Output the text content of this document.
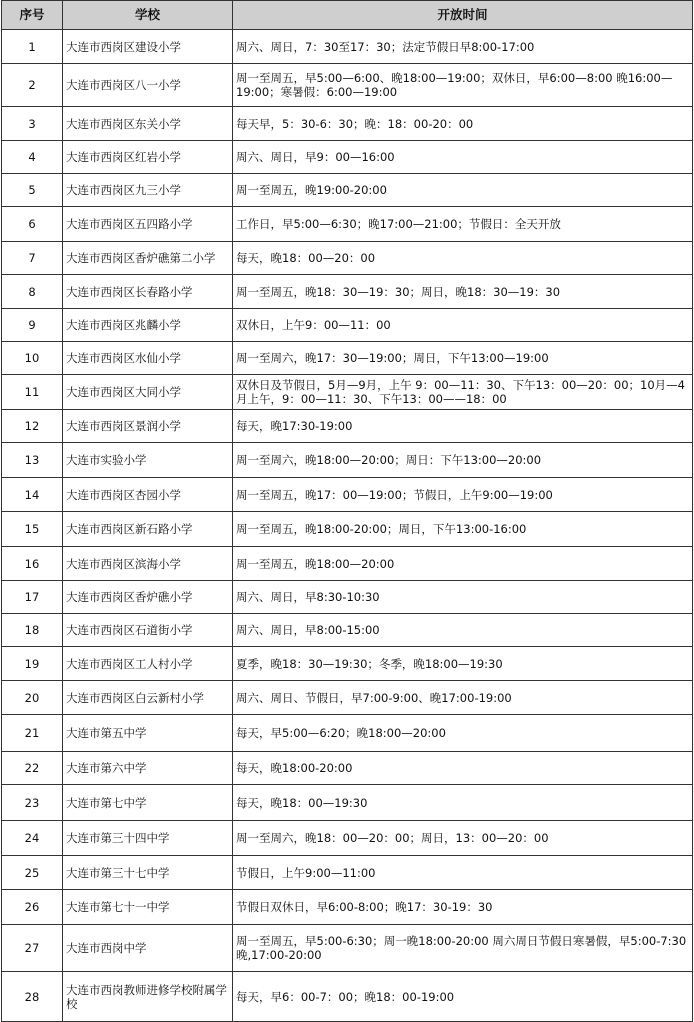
序号	学校	开放时间
1	大连市西岗区建设小学	周六、周日，7：30至17：30；法定节假日早8:00-17:00
2	大连市西岗区八一小学	周一至周五，早5:00—6:00、晚18:00—19:00；双休日，早6:00—8:00 晚16:00—19:00；寒暑假：6:00—19:00
3	大连市西岗区东关小学	每天早，5：30-6：30；晚：18：00-20：00
4	大连市西岗区红岩小学	周六、周日，早9：00—16:00
5	大连市西岗区九三小学	周一至周五，晚19:00-20:00
6	大连市西岗区五四路小学	工作日，早5:00—6:30；晚17:00—21:00；节假日：全天开放
7	大连市西岗区香炉礁第二小学	每天，晚18：00—20：00
8	大连市西岗区长春路小学	周一至周五，晚18：30—19：30；周日，晚18：30—19：30
9	大连市西岗区兆麟小学	双休日，上午9：00—11：00
10	大连市西岗区水仙小学	周一至周六，晚17：30—19:00；周日，下午13:00—19:00
11	大连市西岗区大同小学	双休日及节假日，5月—9月，上午 9：00—11：30、下午13：00—20：00；10月—4月上午，9：00—11：30、下午13：00——18：00
12	大连市西岗区景润小学	每天，晚17:30-19:00
13	大连市实验小学	周一至周六，晚18:00—20:00；周日：下午13:00—20:00
14	大连市西岗区杏园小学	周一至周五，晚17：00—19:00；节假日，上午9:00—19:00
15	大连市西岗区新石路小学	周一至周五，晚18:00-20:00；周日，下午13:00-16:00
16	大连市西岗区滨海小学	周一至周五，晚18:00—20:00
17	大连市西岗区香炉礁小学	周六、周日，早8:30-10:30
18	大连市西岗区石道街小学	周六、周日，早8:00-15:00
19	大连市西岗区工人村小学	夏季，晚18：30—19:30；冬季，晚18:00—19:30
20	大连市西岗区白云新村小学	周六、周日、节假日，早7:00-9:00、晚17:00-19:00
21	大连市第五中学	每天，早5:00—6:20；晚18:00—20:00
22	大连市第六中学	每天，晚18:00-20:00
23	大连市第七中学	每天，晚18：00—19:30
24	大连市第三十四中学	周一至周六，晚18：00—20：00；周日，13：00—20：00
25	大连市第三十七中学	节假日，上午9:00—11:00
26	大连市第七十一中学	节假日双休日，早6:00-8:00；晚17：30-19：30
27	大连市西岗中学	周一至周五，早5:00-6:30；周一晚18:00-20:00 周六周日节假日寒暑假，早5:00-7:30 晚,17:00-20:00
28	大连市西岗教师进修学校附属学校	每天，早6：00-7：00；晚18：00-19:00
